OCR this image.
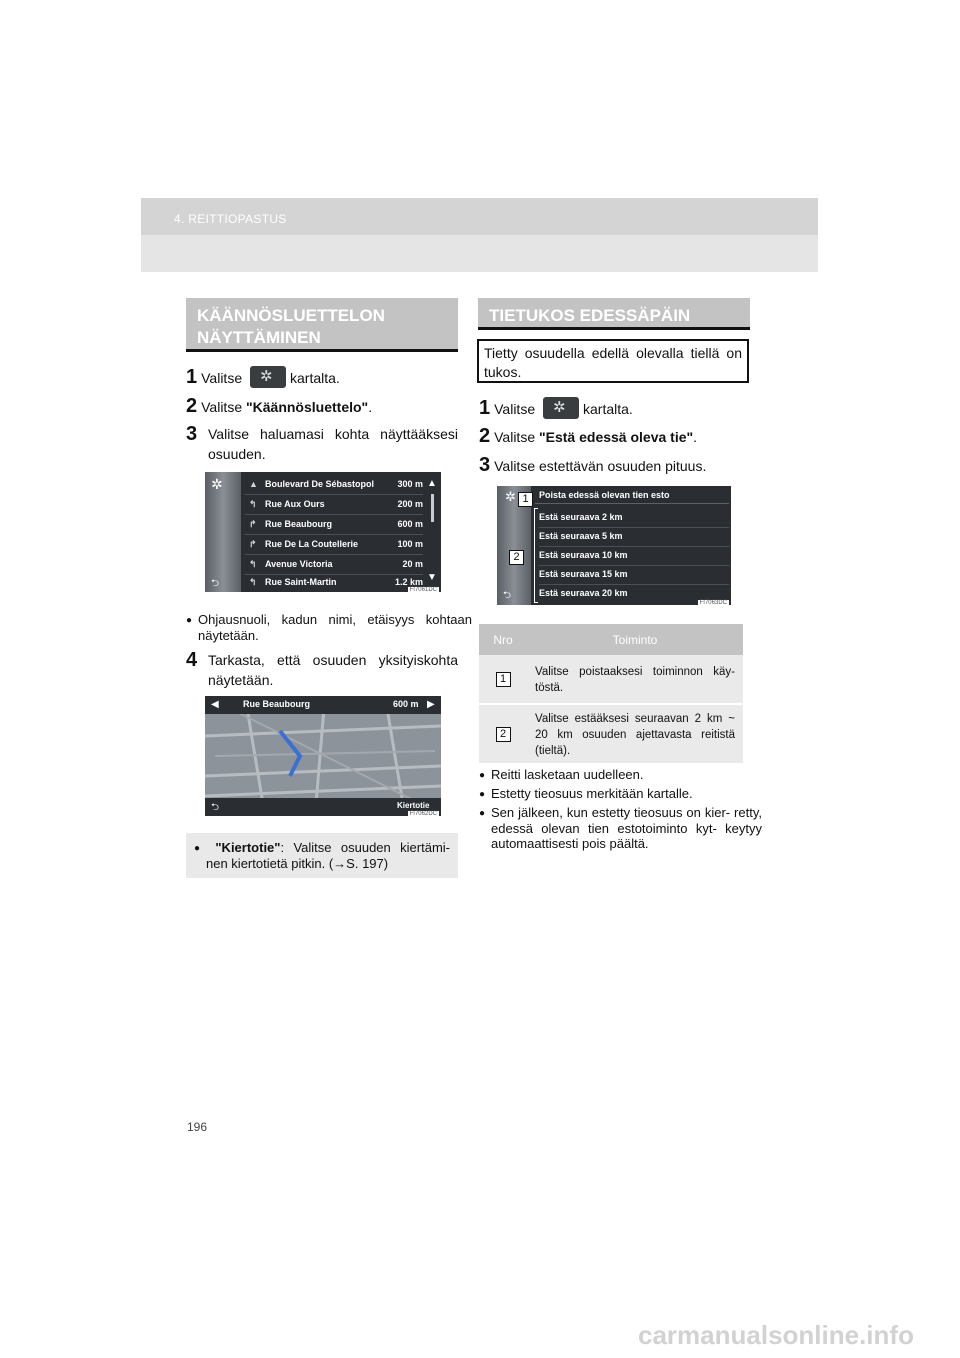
4. REITTIOPASTUS
KÄÄNNÖSLUETTELON NÄYTTÄMINEN
1 Valitse ✲ kartalta.
2 Valitse "Käännösluettelo".
3 Valitse haluamasi kohta näyttääksesi osuuden.
✲
⮌
▲ Boulevard De Sébastopol	300 m
↰ Rue Aux Ours	200 m
↱ Rue Beaubourg	600 m
↱ Rue De La Coutellerie	100 m
↰ Avenue Victoria	20 m
↰ Rue Saint-Martin	1.2 km
▲
▼
FI7061DC
● Ohjausnuoli, kadun nimi, etäisyys kohtaan näytetään.
4 Tarkasta, että osuuden yksityiskohta näytetään.
◀	Rue Beaubourg	600 m ▶
⮌	Kiertotie
FI7062DC
● "Kiertotie": Valitse osuuden kiertämi- nen kiertotietä pitkin. (→S. 197)
TIETUKOS EDESSÄPÄIN
Tietty osuudella edellä olevalla tiellä on tukos.
1 Valitse ✲ kartalta.
2 Valitse "Estä edessä oleva tie".
3 Valitse estettävän osuuden pituus.
✲
⮌
Poista edessä olevan tien esto
Estä seuraava 2 km
Estä seuraava 5 km
Estä seuraava 10 km
Estä seuraava 15 km
Estä seuraava 20 km
1
2
FI7063DC
Nro	Toiminto
1	Valitse poistaaksesi toiminnon käy- töstä.
2	Valitse estääksesi seuraavan 2 km ~ 20 km osuuden ajettavasta reitistä (tieltä).
● Reitti lasketaan uudelleen.
● Estetty tieosuus merkitään kartalle.
● Sen jälkeen, kun estetty tieosuus on kier- retty, edessä olevan tien estotoiminto kyt- keytyy automaattisesti pois päältä.
196
carmanualsonline.info
